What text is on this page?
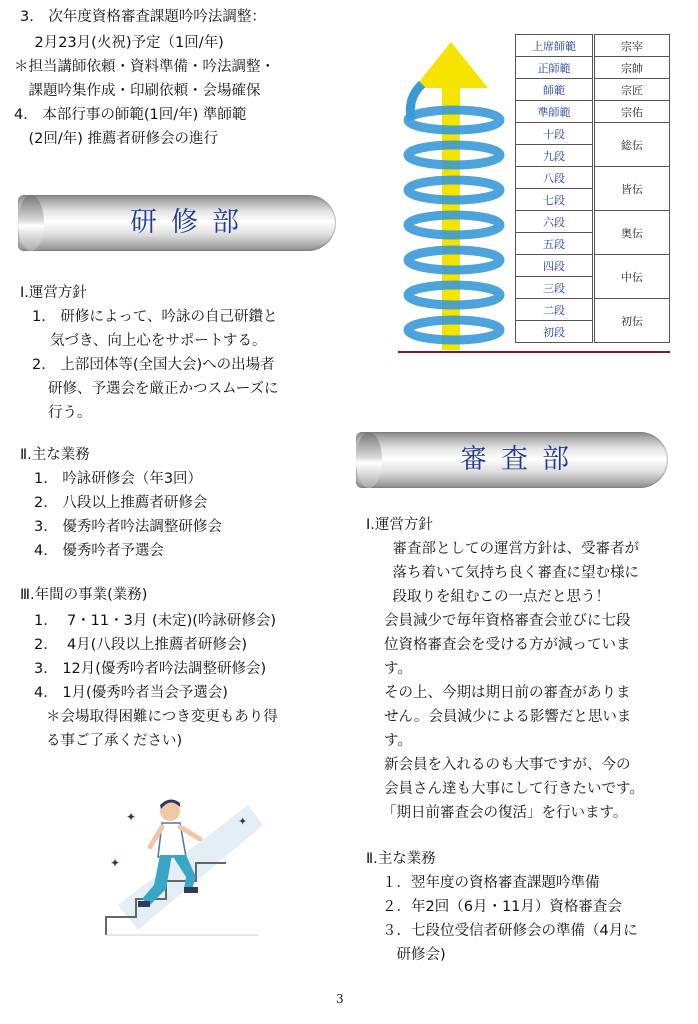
3.　次年度資格審査課題吟吟法調整：
　2月23月(火祝)予定（1回/年)
＊担当講師依頼・資料準備・吟法調整・
　課題吟集作成・印刷依頼・会場確保
4.　本部行事の師範(1回/年) 準師範
　(2回/年) 推薦者研修会の進行
研修部
Ⅰ.運営方針
1.　研修によって、吟詠の自己研鑽と
気づき、向上心をサポートする。
2.　上部団体等(全国大会)への出場者
研修、予選会を厳正かつスムーズに
行う。
Ⅱ.主な業務
1.　吟詠研修会（年3回）
2.　八段以上推薦者研修会
3.　優秀吟者吟法調整研修会
4.　優秀吟者予選会
Ⅲ.年間の事業(業務)
1.　 7・11・3月 (未定)(吟詠研修会)
2.　 4月(八段以上推薦者研修会)
3.　12月(優秀吟者吟法調整研修会)
4.　1月(優秀吟者当会予選会)
＊会場取得困難につき変更もあり得
る事ご了承ください)
✦
✦
✦
上席師範	宗宰
正師範	宗帥
師範	宗匠
準師範	宗佑
十段	総伝
九段	
八段	皆伝
七段	
六段	奥伝
五段	
四段	中伝
三段	
二段	初伝
初段	
審査部
Ⅰ.運営方針
　審査部としての運営方針は、受審者が
　落ち着いて気持ち良く審査に望む様に
　段取りを組むこの一点だと思う！
会員減少で毎年資格審査会並びに七段
位資格審査会を受ける方が減っていま
す。
その上、今期は期日前の審査がありま
せん。会員減少による影響だと思いま
す。
新会員を入れるのも大事ですが、今の
会員さん達も大事にして行きたいです。
「期日前審査会の復活」を行います。
Ⅱ.主な業務
１．翌年度の資格審査課題吟準備
２．年2回（6月・11月）資格審査会
３．七段位受信者研修会の準備（4月に
　研修会)
3
